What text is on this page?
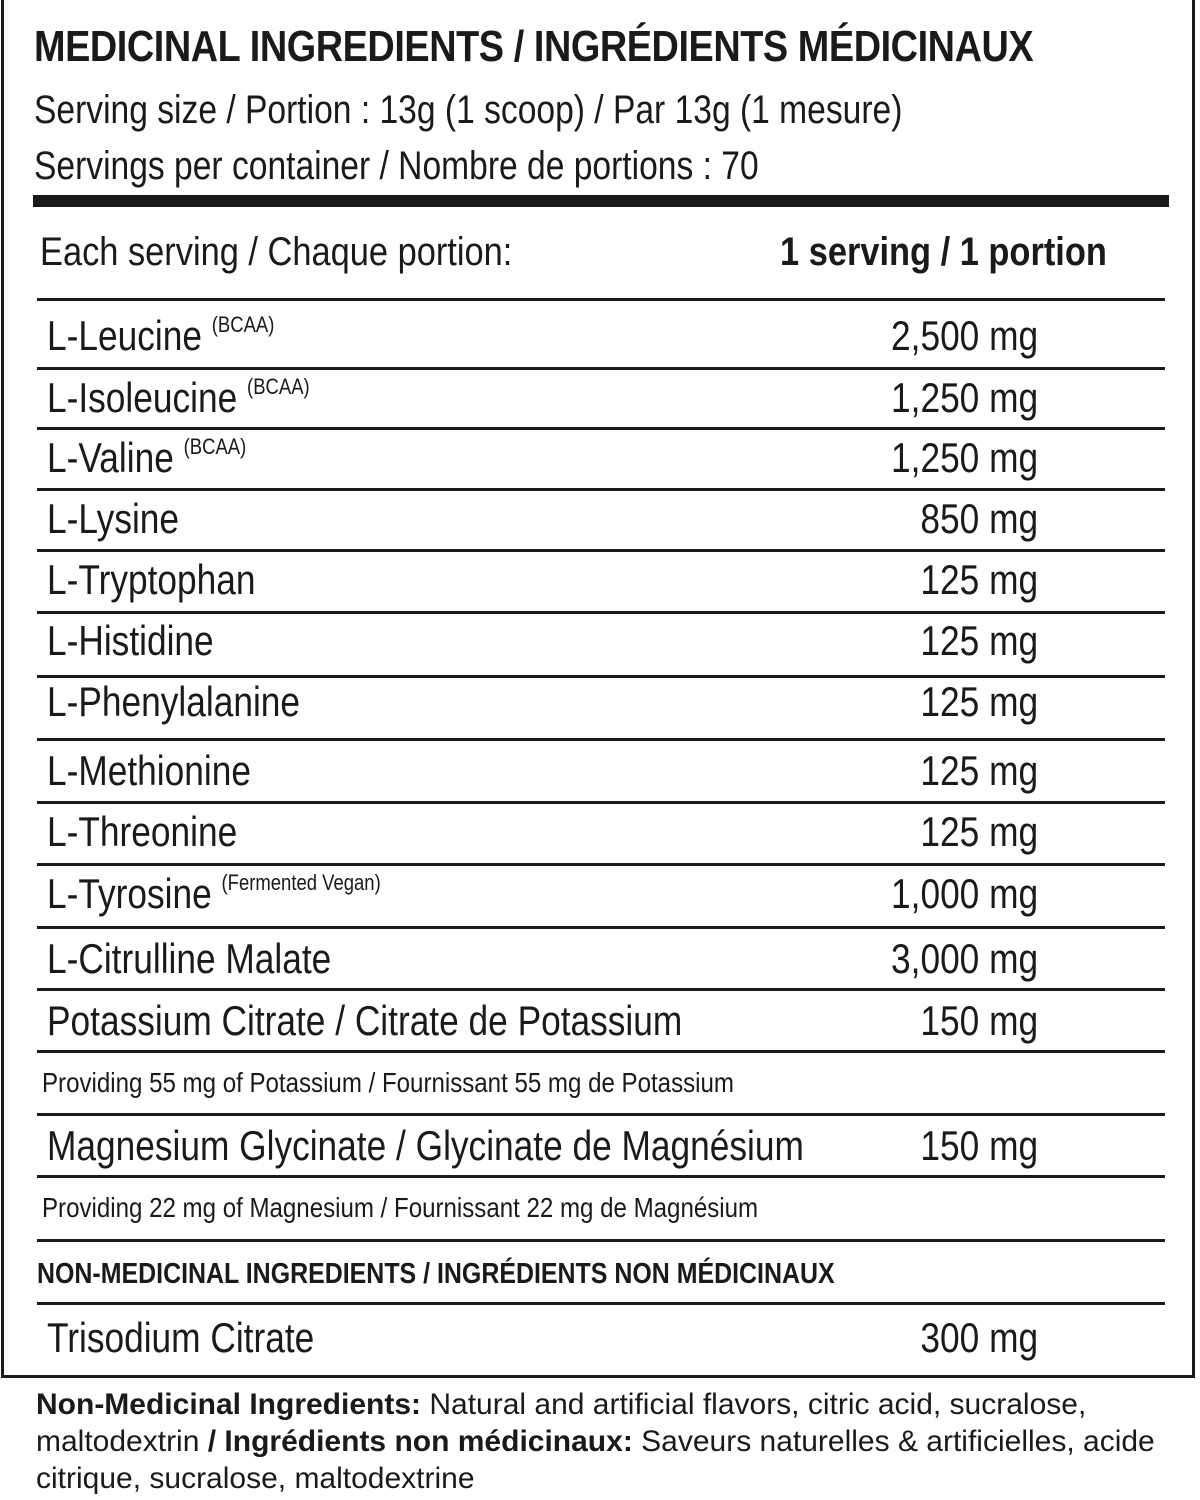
MEDICINAL INGREDIENTS / INGRÉDIENTS MÉDICINAUX
Serving size / Portion : 13g (1 scoop) / Par 13g (1 mesure)
Servings per container / Nombre de portions : 70
Each serving / Chaque portion:	1 serving / 1 portion
L-Leucine $^{(BCAA)}$	2,500 mg
L-Isoleucine $^{(BCAA)}$	1,250 mg
L-Valine $^{(BCAA)}$	1,250 mg
L-Lysine	850 mg
L-Tryptophan	125 mg
L-Histidine	125 mg
L-Phenylalanine	125 mg
L-Methionine	125 mg
L-Threonine	125 mg
L-Tyrosine $^{(Fermented Vegan)}$	1,000 mg
L-Citrulline Malate	3,000 mg
Potassium Citrate / Citrate de Potassium	150 mg
Providing 55 mg of Potassium / Fournissant 55 mg de Potassium
Magnesium Glycinate / Glycinate de Magnésium	150 mg
Providing 22 mg of Magnesium / Fournissant 22 mg de Magnésium
NON-MEDICINAL INGREDIENTS / INGRÉDIENTS NON MÉDICINAUX
Trisodium Citrate	300 mg
Non-Medicinal Ingredients: Natural and artificial flavors, citric acid, sucralose, maltodextrin / Ingrédients non médicinaux: Saveurs naturelles & artificielles, acide citrique, sucralose, maltodextrine
